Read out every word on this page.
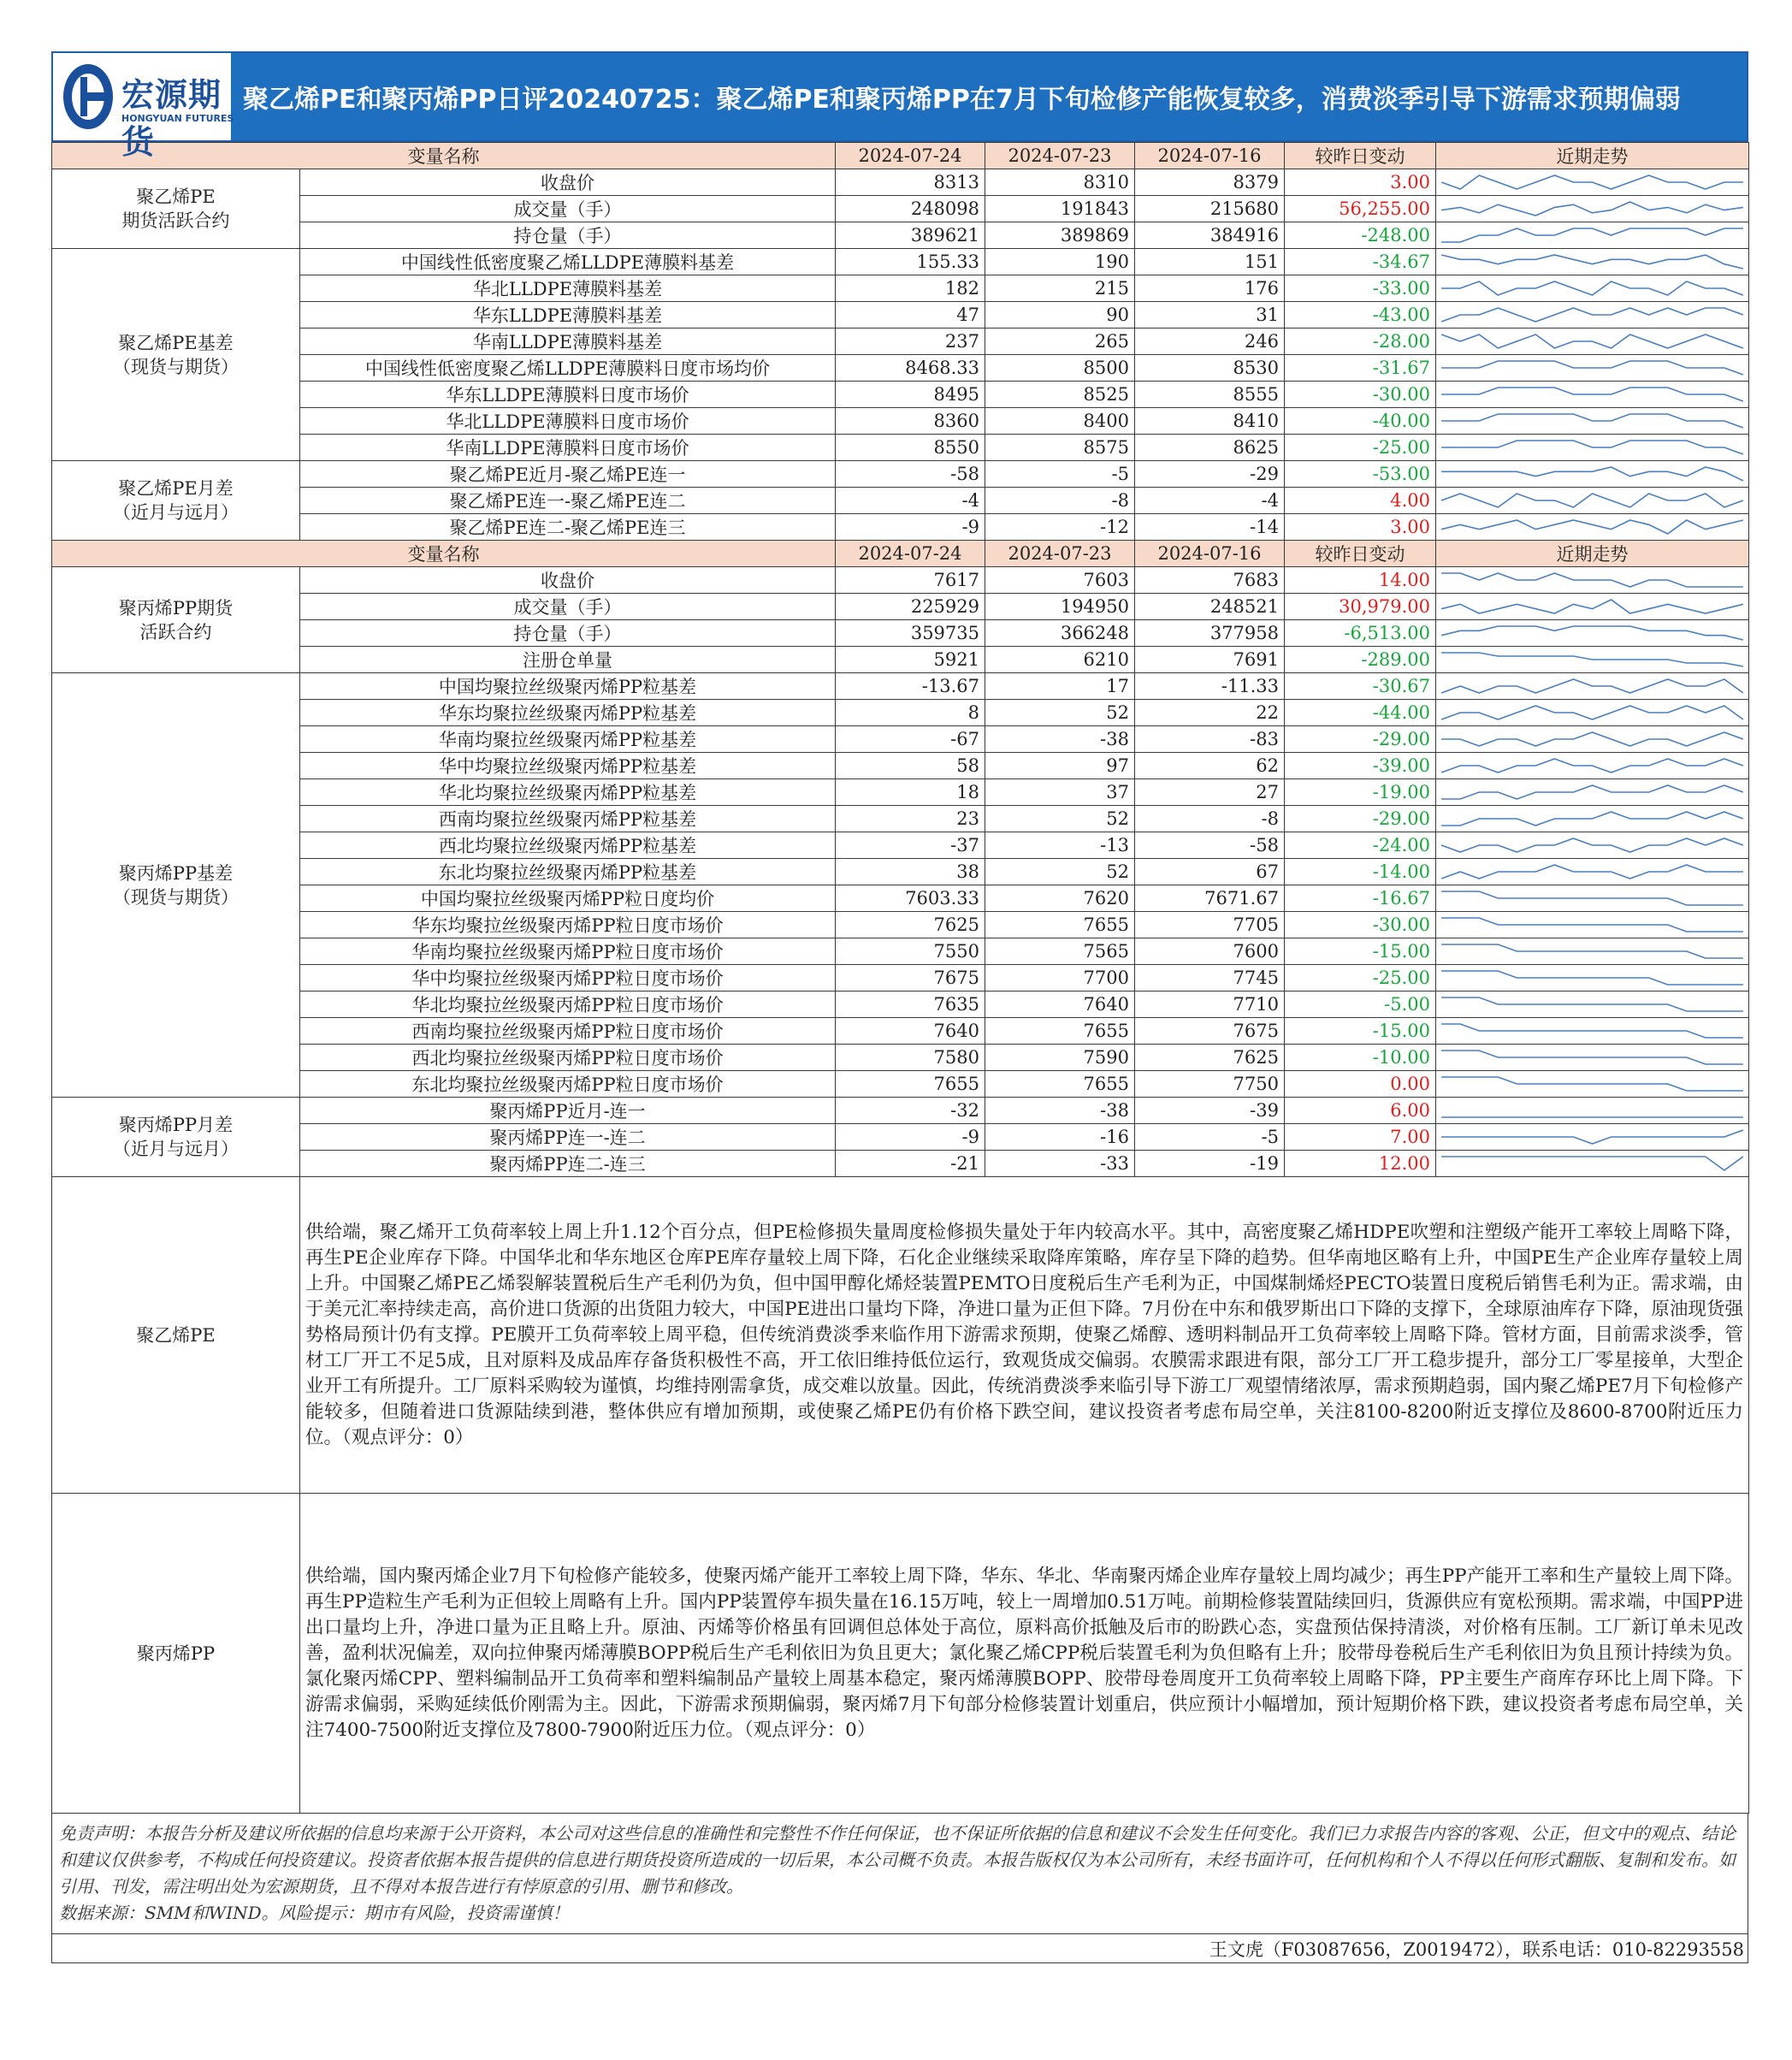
宏源期货
HONGYUAN FUTURES
聚乙烯PE和聚丙烯PP日评20240725：聚乙烯PE和聚丙烯PP在7月下旬检修产能恢复较多，消费淡季引导下游需求预期偏弱
变量名称		2024-07-24	2024-07-23	2024-07-16	较昨日变动	近期走势
聚乙烯PE
期货活跃合约	收盘价	8313	8310	8379	3.00	

	成交量（手）	248098	191843	215680	56,255.00	

	持仓量（手）	389621	389869	384916	-248.00	

聚乙烯PE基差
（现货与期货）	中国线性低密度聚乙烯LLDPE薄膜料基差	155.33	190	151	-34.67	

	华北LLDPE薄膜料基差	182	215	176	-33.00	

	华东LLDPE薄膜料基差	47	90	31	-43.00	

	华南LLDPE薄膜料基差	237	265	246	-28.00	

	中国线性低密度聚乙烯LLDPE薄膜料日度市场均价	8468.33	8500	8530	-31.67	

	华东LLDPE薄膜料日度市场价	8495	8525	8555	-30.00	

	华北LLDPE薄膜料日度市场价	8360	8400	8410	-40.00	

	华南LLDPE薄膜料日度市场价	8550	8575	8625	-25.00	

聚乙烯PE月差
（近月与远月）	聚乙烯PE近月-聚乙烯PE连一	-58	-5	-29	-53.00	

	聚乙烯PE连一-聚乙烯PE连二	-4	-8	-4	4.00	

	聚乙烯PE连二-聚乙烯PE连三	-9	-12	-14	3.00	

变量名称		2024-07-24	2024-07-23	2024-07-16	较昨日变动	近期走势
聚丙烯PP期货
活跃合约	收盘价	7617	7603	7683	14.00	

	成交量（手）	225929	194950	248521	30,979.00	

	持仓量（手）	359735	366248	377958	-6,513.00	

	注册仓单量	5921	6210	7691	-289.00	

聚丙烯PP基差
（现货与期货）	中国均聚拉丝级聚丙烯PP粒基差	-13.67	17	-11.33	-30.67	

	华东均聚拉丝级聚丙烯PP粒基差	8	52	22	-44.00	

	华南均聚拉丝级聚丙烯PP粒基差	-67	-38	-83	-29.00	

	华中均聚拉丝级聚丙烯PP粒基差	58	97	62	-39.00	

	华北均聚拉丝级聚丙烯PP粒基差	18	37	27	-19.00	

	西南均聚拉丝级聚丙烯PP粒基差	23	52	-8	-29.00	

	西北均聚拉丝级聚丙烯PP粒基差	-37	-13	-58	-24.00	

	东北均聚拉丝级聚丙烯PP粒基差	38	52	67	-14.00	

	中国均聚拉丝级聚丙烯PP粒日度均价	7603.33	7620	7671.67	-16.67	

	华东均聚拉丝级聚丙烯PP粒日度市场价	7625	7655	7705	-30.00	

	华南均聚拉丝级聚丙烯PP粒日度市场价	7550	7565	7600	-15.00	

	华中均聚拉丝级聚丙烯PP粒日度市场价	7675	7700	7745	-25.00	

	华北均聚拉丝级聚丙烯PP粒日度市场价	7635	7640	7710	-5.00	

	西南均聚拉丝级聚丙烯PP粒日度市场价	7640	7655	7675	-15.00	

	西北均聚拉丝级聚丙烯PP粒日度市场价	7580	7590	7625	-10.00	

	东北均聚拉丝级聚丙烯PP粒日度市场价	7655	7655	7750	0.00	

聚丙烯PP月差
（近月与远月）	聚丙烯PP近月-连一	-32	-38	-39	6.00	

	聚丙烯PP连一-连二	-9	-16	-5	7.00	

	聚丙烯PP连二-连三	-21	-33	-19	12.00	

聚乙烯PE	供给端，聚乙烯开工负荷率较上周上升1.12个百分点，但PE检修损失量周度检修损失量处于年内较高水平。其中，高密度聚乙烯HDPE吹塑和注塑级产能开工率较上周略下降，再生PE企业库存下降。中国华北和华东地区仓库PE库存量较上周下降，石化企业继续采取降库策略，库存呈下降的趋势。但华南地区略有上升，中国PE生产企业库存量较上周上升。中国聚乙烯PE乙烯裂解装置税后生产毛利仍为负，但中国甲醇化烯烃装置PEMTO日度税后生产毛利为正，中国煤制烯烃PECTO装置日度税后销售毛利为正。需求端，由于美元汇率持续走高，高价进口货源的出货阻力较大，中国PE进出口量均下降，净进口量为正但下降。7月份在中东和俄罗斯出口下降的支撑下，全球原油库存下降，原油现货强势格局预计仍有支撑。PE膜开工负荷率较上周平稳，但传统消费淡季来临作用下游需求预期，使聚乙烯醇、透明料制品开工负荷率较上周略下降。管材方面，目前需求淡季，管材工厂开工不足5成，且对原料及成品库存备货积极性不高，开工依旧维持低位运行，致观货成交偏弱。农膜需求跟进有限，部分工厂开工稳步提升，部分工厂零星接单，大型企业开工有所提升。工厂原料采购较为谨慎，均维持刚需拿货，成交难以放量。因此，传统消费淡季来临引导下游工厂观望情绪浓厚，需求预期趋弱，国内聚乙烯PE7月下旬检修产能较多，但随着进口货源陆续到港，整体供应有增加预期，或使聚乙烯PE仍有价格下跌空间，建议投资者考虑布局空单，关注8100-8200附近支撑位及8600-8700附近压力位。（观点评分：0）					
聚丙烯PP	供给端，国内聚丙烯企业7月下旬检修产能较多，使聚丙烯产能开工率较上周下降，华东、华北、华南聚丙烯企业库存量较上周均减少；再生PP产能开工率和生产量较上周下降。再生PP造粒生产毛利为正但较上周略有上升。国内PP装置停车损失量在16.15万吨，较上一周增加0.51万吨。前期检修装置陆续回归，货源供应有宽松预期。需求端，中国PP进出口量均上升，净进口量为正且略上升。原油、丙烯等价格虽有回调但总体处于高位，原料高价抵触及后市的盼跌心态，实盘预估保持清淡，对价格有压制。工厂新订单未见改善，盈利状况偏差，双向拉伸聚丙烯薄膜BOPP税后生产毛利依旧为负且更大；氯化聚乙烯CPP税后装置毛利为负但略有上升；胶带母卷税后生产毛利依旧为负且预计持续为负。氯化聚丙烯CPP、塑料编制品开工负荷率和塑料编制品产量较上周基本稳定，聚丙烯薄膜BOPP、胶带母卷周度开工负荷率较上周略下降，PP主要生产商库存环比上周下降。下游需求偏弱，采购延续低价刚需为主。因此，下游需求预期偏弱，聚丙烯7月下旬部分检修装置计划重启，供应预计小幅增加，预计短期价格下跌，建议投资者考虑布局空单，关注7400-7500附近支撑位及7800-7900附近压力位。（观点评分：0）					
免责声明：本报告分析及建议所依据的信息均来源于公开资料，本公司对这些信息的准确性和完整性不作任何保证，也不保证所依据的信息和建议不会发生任何变化。我们已力求报告内容的客观、公正，但文中的观点、结论和建议仅供参考，不构成任何投资建议。投资者依据本报告提供的信息进行期货投资所造成的一切后果，本公司概不负责。本报告版权仅为本公司所有，未经书面许可，任何机构和个人不得以任何形式翻版、复制和发布。如引用、刊发，需注明出处为宏源期货，且不得对本报告进行有悖原意的引用、删节和修改。
数据来源：SMM和WIND。风险提示：期市有风险，投资需谨慎！
王文虎（F03087656，Z0019472），联系电话：010-82293558
